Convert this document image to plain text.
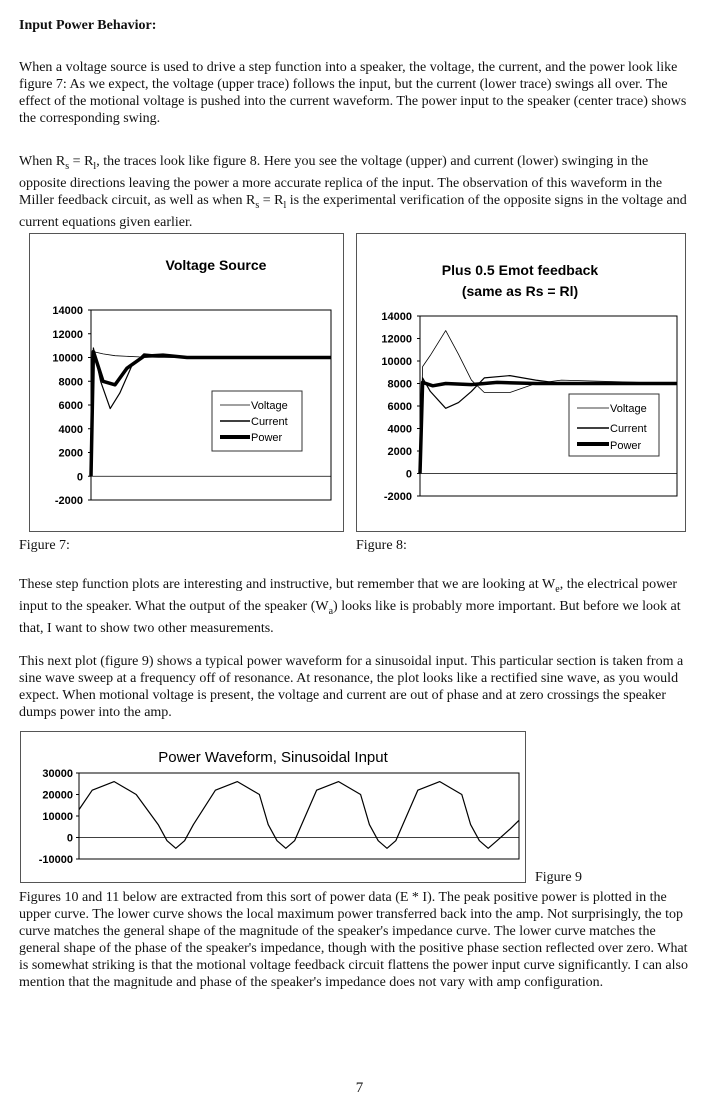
Input Power Behavior:

When a voltage source is used to drive a step function into a speaker, the voltage, the current, and the power look like figure 7: As we expect, the voltage (upper trace) follows the input, but the current (lower trace) swings all over. The effect of the motional voltage is pushed into the current waveform. The power input to the speaker (center trace) shows the corresponding swing.

When $R_s = R_l$, the traces look like figure 8. Here you see the voltage (upper) and current (lower) swinging in the opposite directions leaving the power a more accurate replica of the input. The observation of this waveform in the Miller feedback circuit, as well as when $R_s = R_l$ is the experimental verification of the opposite signs in the voltage and current equations given earlier.

Voltage Source
14000
12000
10000
8000
6000
4000
2000
0
-2000
Voltage
Current
Power
Plus 0.5 Emot feedback
(same as Rs = Rl)
14000
12000
10000
8000
6000
4000
2000
0
-2000
Voltage
Current
Power
Figure 7:	Figure 8:

These step function plots are interesting and instructive, but remember that we are looking at $W_e$, the electrical power input to the speaker. What the output of the speaker $(W_a)$ looks like is probably more important. But before we look at that, I want to show two other measurements.

This next plot (figure 9) shows a typical power waveform for a sinusoidal input. This particular section is taken from a sine wave sweep at a frequency off of resonance. At resonance, the plot looks like a rectified sine wave, as you would expect. When motional voltage is present, the voltage and current are out of phase and at zero crossings the speaker dumps power into the amp.

Power Waveform, Sinusoidal Input
30000
20000
10000
0
-10000
Figure 9

Figures 10 and 11 below are extracted from this sort of power data (E * I). The peak positive power is plotted in the upper curve. The lower curve shows the local maximum power transferred back into the amp. Not surprisingly, the top curve matches the general shape of the magnitude of the speaker's impedance curve. The lower curve matches the general shape of the phase of the speaker's impedance, though with the positive phase section reflected over zero. What is somewhat striking is that the motional voltage feedback circuit flattens the power input curve significantly. I can also mention that the magnitude and phase of the speaker's impedance does not vary with amp configuration.

7
